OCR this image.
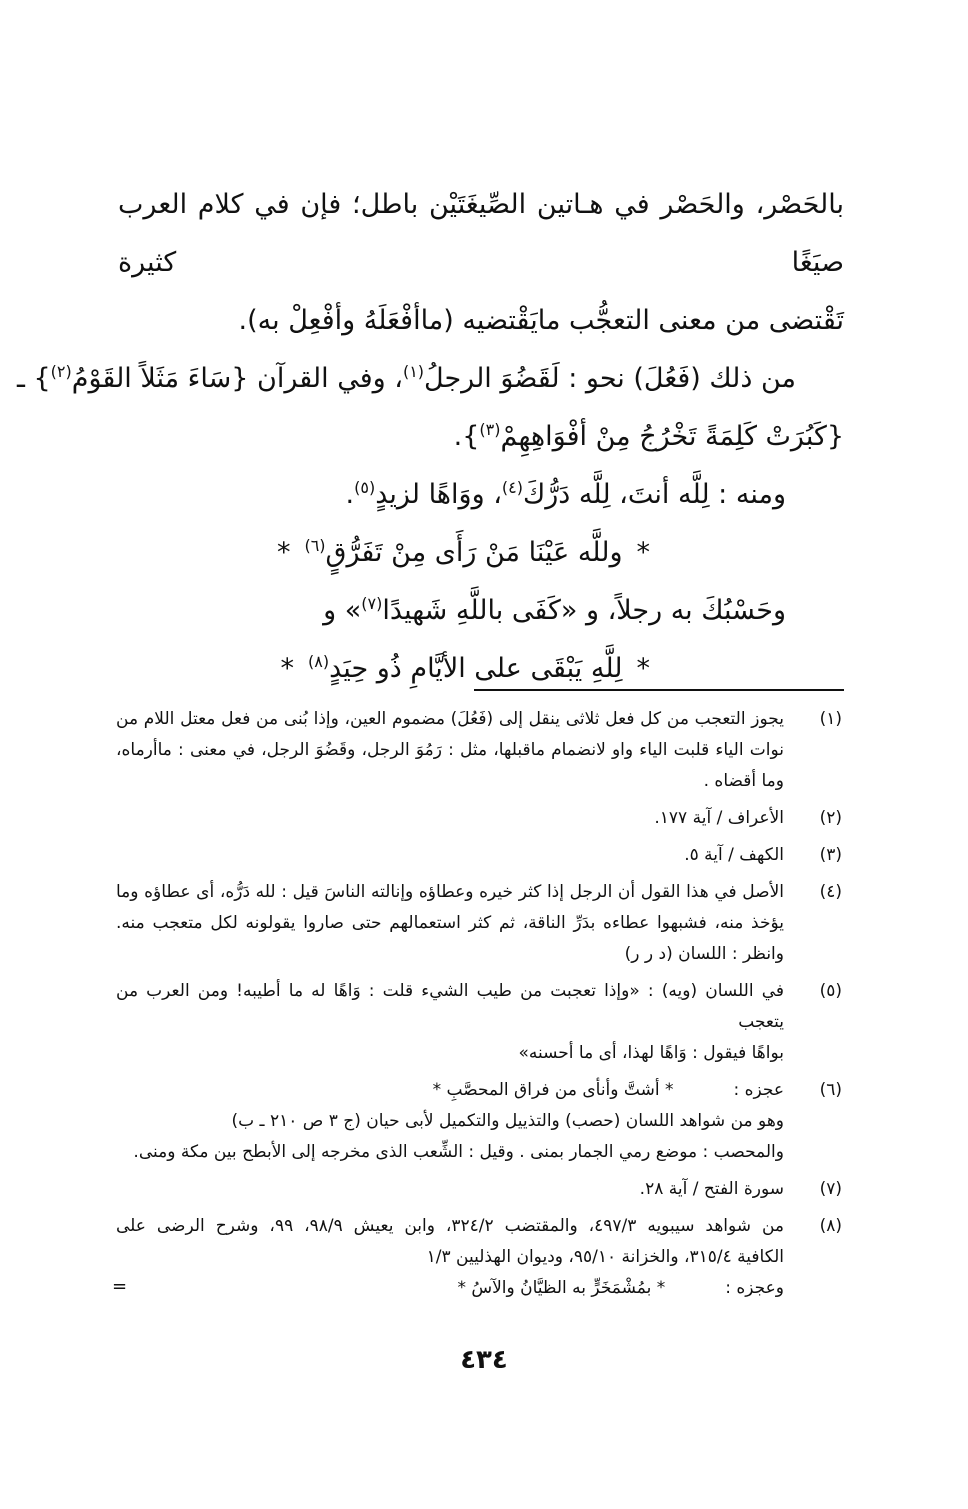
بالحَصْر، والحَصْر في هـاتين الصِّيغَتَيْن باطل؛ فإن في كلام العرب صيَغًا كثيرة

تَقْتضى من معنى التعجُّب مايَقْتضيه (ماأفْعَلَهُ وأفْعِلْ به).

من ذلك (فَعُلَ) نحو : لَقَضُوَ الرجلُ$^{(١)}$، وفي القرآن {سَاءَ مَثَلاً القَوْمُ$^{(٢)}$} ـ

{كَبُرَتْ كَلِمَةً تَخْرُجُ مِنْ أفْوَاهِهِمْ$^{(٣)}$}.

ومنه : لِلَّه أنتَ، لِلَّه دَرُّكَ$^{(٤)}$، ووَاهًا لزيدٍ$^{(٥)}$.

*وللَّه عَيْنَا مَنْ رَأَى مِنْ تَفَرُّقٍ$^{(٦)}$*

وحَسْبُكَ به رجلاً، و «كَفَى باللَّهِ شَهيدًا$^{(٧)}$» و

*لِلَّهِ يَبْقَى على الأيَّامِ ذُو حِيَدٍ$^{(٨)}$*

(١)
يجوز التعجب من كل فعل ثلاثى ينقل إلى (فَعُلَ) مضموم العين، وإذا بُنى من فعل معتل اللام من
نوات الياء قلبت الياء واو لانضمام ماقبلها، مثل : رَمُوَ الرجل، وقَضُوَ الرجل، في معنى : ماأرماه،
وما أقضاه .
(٢)
الأعراف / آية ١٧٧.
(٣)
الكهف / آية ٥.
(٤)
الأصل في هذا القول أن الرجل إذا كثر خيره وعطاؤه وإنالته الناسَ قيل : لله دَرُّه، أى عطاؤه وما
يؤخذ منه، فشبهوا عطاءه بدَرِّ الناقة، ثم كثر استعمالهم حتى صاروا يقولونه لكل متعجب منه.
وانظر : اللسان (د ر ر)
(٥)
في اللسان (ويه) : «وإذا تعجبت من طيب الشيء قلت : وَاهًا له ما أطيبه! ومن العرب من يتعجب
بواهًا فيقول : وَاهًا لهذا، أى ما أحسنه»
(٦)
عجزه :* أشتَّ وأنأى من فراق المحصَّبِ *
وهو من شواهد اللسان (حصب) والتذييل والتكميل لأبى حيان (ج ٣ ص ٢١٠ ـ ب)
والمحصب : موضع رمي الجمار بمنى . وقيل : الشِّعب الذى مخرجه إلى الأبطح بين مكة ومنى.
(٧)
سورة الفتح / آية ٢٨.
(٨)
من شواهد سيبويه ٤٩٧/٣، والمقتضب ٣٢٤/٢، وابن يعيش ٩٨/٩، ٩٩، وشرح الرضى على
الكافية ٣١٥/٤، والخزانة ٩٥/١٠، وديوان الهذليين ١/٣
وعجزه :* بمُشْمَخَرٍّ به الظيَّانُ والآسُ *
=
٤٣٤
